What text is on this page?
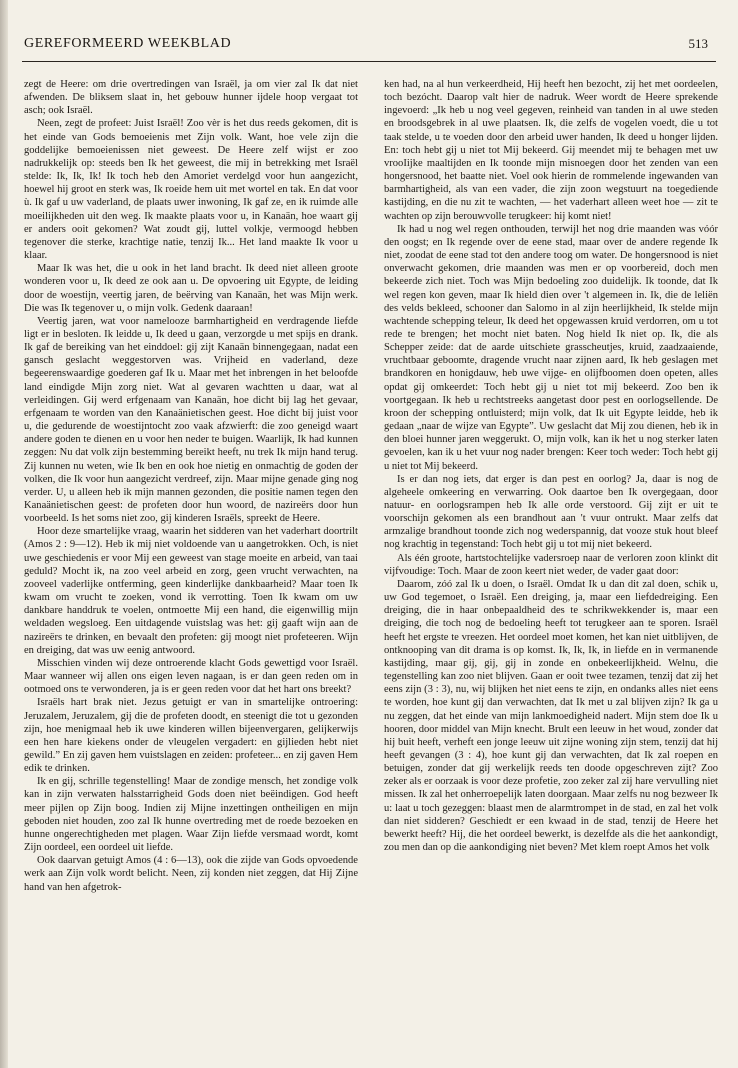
GEREFORMEERD WEEKBLAD	513

zegt de Heere: om drie overtredingen van Israël, ja om vier zal Ik dat niet afwenden. De bliksem slaat in, het gebouw hunner ijdele hoop vergaat tot asch; ook Israël.

Neen, zegt de profeet: Juist Israël! Zoo vèr is het dus reeds gekomen, dit is het einde van Gods bemoeienis met Zijn volk. Want, hoe vele zijn die goddelijke bemoeienissen niet geweest. De Heere zelf wijst er zoo nadrukkelijk op: steeds ben Ik het geweest, die mij in betrekking met Israël stelde: Ik, Ik, Ik! Ik toch heb den Amoriet verdelgd voor hun aangezicht, hoewel hij groot en sterk was, Ik roeide hem uit met wortel en tak. En dat voor ù. Ik gaf u uw vaderland, de plaats uwer inwoning, Ik gaf ze, en ik ruimde alle moeilijkheden uit den weg. Ik maakte plaats voor u, in Kanaän, hoe waart gij er anders ooit gekomen? Wat zoudt gij, luttel volkje, vermoogd hebben tegenover die sterke, krachtige natie, tenzij Ik... Het land maakte Ik voor u klaar.

Maar Ik was het, die u ook in het land bracht. Ik deed niet alleen groote wonderen voor u, Ik deed ze ook aan u. De opvoering uit Egypte, de leiding door de woestijn, veertig jaren, de beërving van Kanaän, het was Mijn werk. Die was Ik tegenover u, o mijn volk. Gedenk daaraan!

Veertig jaren, wat voor namelooze barmhartigheid en verdragende liefde ligt er in besloten. Ik leidde u, Ik deed u gaan, verzorgde u met spijs en drank. Ik gaf de bereiking van het einddoel: gij zijt Kanaän binnengegaan, nadat een gansch geslacht weggestorven was. Vrijheid en vaderland, deze begeerenswaardige goederen gaf Ik u. Maar met het inbrengen in het beloofde land eindigde Mijn zorg niet. Wat al gevaren wachtten u daar, wat al verleidingen. Gij werd erfgenaam van Kanaän, hoe dicht bij lag het gevaar, erfgenaam te worden van den Kanaänietischen geest. Hoe dicht bij juist voor u, die gedurende de woestijntocht zoo vaak afzwierft: die zoo geneigd waart andere goden te dienen en u voor hen neder te buigen. Waarlijk, Ik had kunnen zeggen: Nu dat volk zijn bestemming bereikt heeft, nu trek Ik mijn hand terug. Zij kunnen nu weten, wie Ik ben en ook hoe nietig en onmachtig de goden der volken, die Ik voor hun aangezicht verdreef, zijn. Maar mijne genade ging nog verder. U, u alleen heb ik mijn mannen gezonden, die positie namen tegen den Kanaänietischen geest: de profeten door hun woord, de nazireërs door hun voorbeeld. Is het soms niet zoo, gij kinderen Israëls, spreekt de Heere.

Hoor deze smartelijke vraag, waarin het sidderen van het vaderhart doortrilt (Amos 2 : 9—12). Heb ik mij niet voldoende van u aangetrokken. Och, is niet uwe geschiedenis er voor Mij een geweest van stage moeite en arbeid, van taai geduld? Mocht ik, na zoo veel arbeid en zorg, geen vrucht verwachten, na zooveel vaderlijke ontferming, geen kinderlijke dankbaarheid? Maar toen Ik kwam om vrucht te zoeken, vond ik verrotting. Toen Ik kwam om uw dankbare handdruk te voelen, ontmoette Mij een hand, die eigenwillig mijn weldaden wegsloeg. Een uitdagende vuistslag was het: gij gaaft wijn aan de nazireërs te drinken, en bevaalt den profeten: gij moogt niet profeteeren. Wijn en dreiging, dat was uw eenig antwoord.

Misschien vinden wij deze ontroerende klacht Gods gewettigd voor Israël. Maar wanneer wij allen ons eigen leven nagaan, is er dan geen reden om in ootmoed ons te verwonderen, ja is er geen reden voor dat het hart ons breekt?

Israëls hart brak niet. Jezus getuigt er van in smartelijke ontroering: Jeruzalem, Jeruzalem, gij die de profeten doodt, en steenigt die tot u gezonden zijn, hoe menigmaal heb ik uwe kinderen willen bijeenvergaren, gelijkerwijs een hen hare kiekens onder de vleugelen vergadert: en gijlieden hebt niet gewild.” En zij gaven hem vuistslagen en zeiden: profeteer... en zij gaven Hem edik te drinken.

Ik en gij, schrille tegenstelling! Maar de zondige mensch, het zondige volk kan in zijn verwaten halsstarrigheid Gods doen niet beëindigen. God heeft meer pijlen op Zijn boog. Indien zij Mijne inzettingen ontheiligen en mijn geboden niet houden, zoo zal Ik hunne overtreding met de roede bezoeken en hunne ongerechtigheden met plagen. Waar Zijn liefde versmaad wordt, komt Zijn oordeel, een oordeel uit liefde.

Ook daarvan getuigt Amos (4 : 6—13), ook die zijde van Gods opvoedende werk aan Zijn volk wordt belicht. Neen, zij konden niet zeggen, dat Hij Zijne hand van hen afgetrok-

ken had, na al hun verkeerdheid, Hij heeft hen bezocht, zij het met oordeelen, toch bezócht. Daarop valt hier de nadruk. Weer wordt de Heere sprekende ingevoerd: „Ik heb u nog veel gegeven, reinheid van tanden in al uwe steden en broodsgebrek in al uwe plaatsen. Ik, die zelfs de vogelen voedt, die u tot taak stelde, u te voeden door den arbeid uwer handen, Ik deed u honger lijden. En: toch hebt gij u niet tot Mij bekeerd. Gij meendet mij te behagen met uw vrooIijke maaltijden en Ik toonde mijn misnoegen door het zenden van een hongersnood, het baatte niet. Voel ook hierin de rommelende ingewanden van barmhartigheid, als van een vader, die zijn zoon wegstuurt na toegediende kastijding, en die nu zit te wachten, — het vaderhart alleen weet hoe — zit te wachten op zijn berouwvolle terugkeer: hij komt niet!

Ik had u nog wel regen onthouden, terwijl het nog drie maanden was vóór den oogst; en Ik regende over de eene stad, maar over de andere regende Ik niet, zoodat de eene stad tot den andere toog om water. De hongersnood is niet onverwacht gekomen, drie maanden was men er op voorbereid, doch men bekeerde zich niet. Toch was Mijn bedoeling zoo duidelijk. Ik toonde, dat Ik wel regen kon geven, maar Ik hield dien over 't algemeen in. Ik, die de leliën des velds bekleed, schooner dan Salomo in al zijn heerlijkheid, Ik stelde mijn wachtende schepping teleur, Ik deed het opgewassen kruid verdorren, om u tot rede te brengen; het mocht niet baten. Nog hield Ik niet op. Ik, die als Schepper zeide: dat de aarde uitschiete grasscheutjes, kruid, zaadzaaiende, vruchtbaar geboomte, dragende vrucht naar zijnen aard, Ik heb geslagen met brandkoren en honigdauw, heb uwe vijge- en olijfboomen doen opeten, alles opdat gij omkeerdet: Toch hebt gij u niet tot mij bekeerd. Zoo ben ik voortgegaan. Ik heb u rechtstreeks aangetast door pest en oorlogsellende. De kroon der schepping ontluisterd; mijn volk, dat Ik uit Egypte leidde, heb ik gedaan „naar de wijze van Egypte”. Uw geslacht dat Mij zou dienen, heb ik in den bloei hunner jaren weggerukt. O, mijn volk, kan ik het u nog sterker laten gevoelen, kan ik u het vuur nog nader brengen: Keer toch weder: Toch hebt gij u niet tot Mij bekeerd.

Is er dan nog iets, dat erger is dan pest en oorlog? Ja, daar is nog de algeheele omkeering en verwarring. Ook daartoe ben Ik overgegaan, door natuur- en oorlogsrampen heb Ik alle orde verstoord. Gij zijt er uit te voorschijn gekomen als een brandhout aan 't vuur ontrukt. Maar zelfs dat armzalige brandhout toonde zich nog wederspannig, dat vooze stuk hout bleef nog krachtig in tegenstand: Toch hebt gij u tot mij niet bekeerd.

Als één groote, hartstochtelijke vadersroep naar de verloren zoon klinkt dit vijfvoudige: Toch. Maar de zoon keert niet weder, de vader gaat door:

Daarom, zóó zal Ik u doen, o Israël. Omdat Ik u dan dit zal doen, schik u, uw God tegemoet, o Israël. Een dreiging, ja, maar een liefdedreiging. Een dreiging, die in haar onbepaaldheid des te schrikwekkender is, maar een dreiging, die toch nog de bedoeling heeft tot terugkeer aan te sporen. Israël heeft het ergste te vreezen. Het oordeel moet komen, het kan niet uitblijven, de ontknooping van dit drama is op komst. Ik, Ik, Ik, in liefde en in vermanende kastijding, maar gij, gij, gij in zonde en onbekeerlijkheid. Welnu, die tegenstelling kan zoo niet blijven. Gaan er ooit twee tezamen, tenzij dat zij het eens zijn (3 : 3), nu, wij blijken het niet eens te zijn, en ondanks alles niet eens te worden, hoe kunt gij dan verwachten, dat Ik met u zal blijven zijn? Ik ga u nu zeggen, dat het einde van mijn lankmoedigheid nadert. Mijn stem doe Ik u hooren, door middel van Mijn knecht. Brult een leeuw in het woud, zonder dat hij buit heeft, verheft een jonge leeuw uit zijne woning zijn stem, tenzij dat hij heeft gevangen (3 : 4), hoe kunt gij dan verwachten, dat Ik zal roepen en betuigen, zonder dat gij werkelijk reeds ten doode opgeschreven zijt? Zoo zeker als er oorzaak is voor deze profetie, zoo zeker zal zij hare vervulling niet missen. Ik zal het onherroepelijk laten doorgaan. Maar zelfs nu nog bezweer Ik u: laat u toch gezeggen: blaast men de alarmtrompet in de stad, en zal het volk dan niet sidderen? Geschiedt er een kwaad in de stad, tenzij de Heere het bewerkt heeft? Hij, die het oordeel bewerkt, is dezelfde als die het aankondigt, zou men dan op die aankondiging niet beven? Met klem roept Amos het volk
